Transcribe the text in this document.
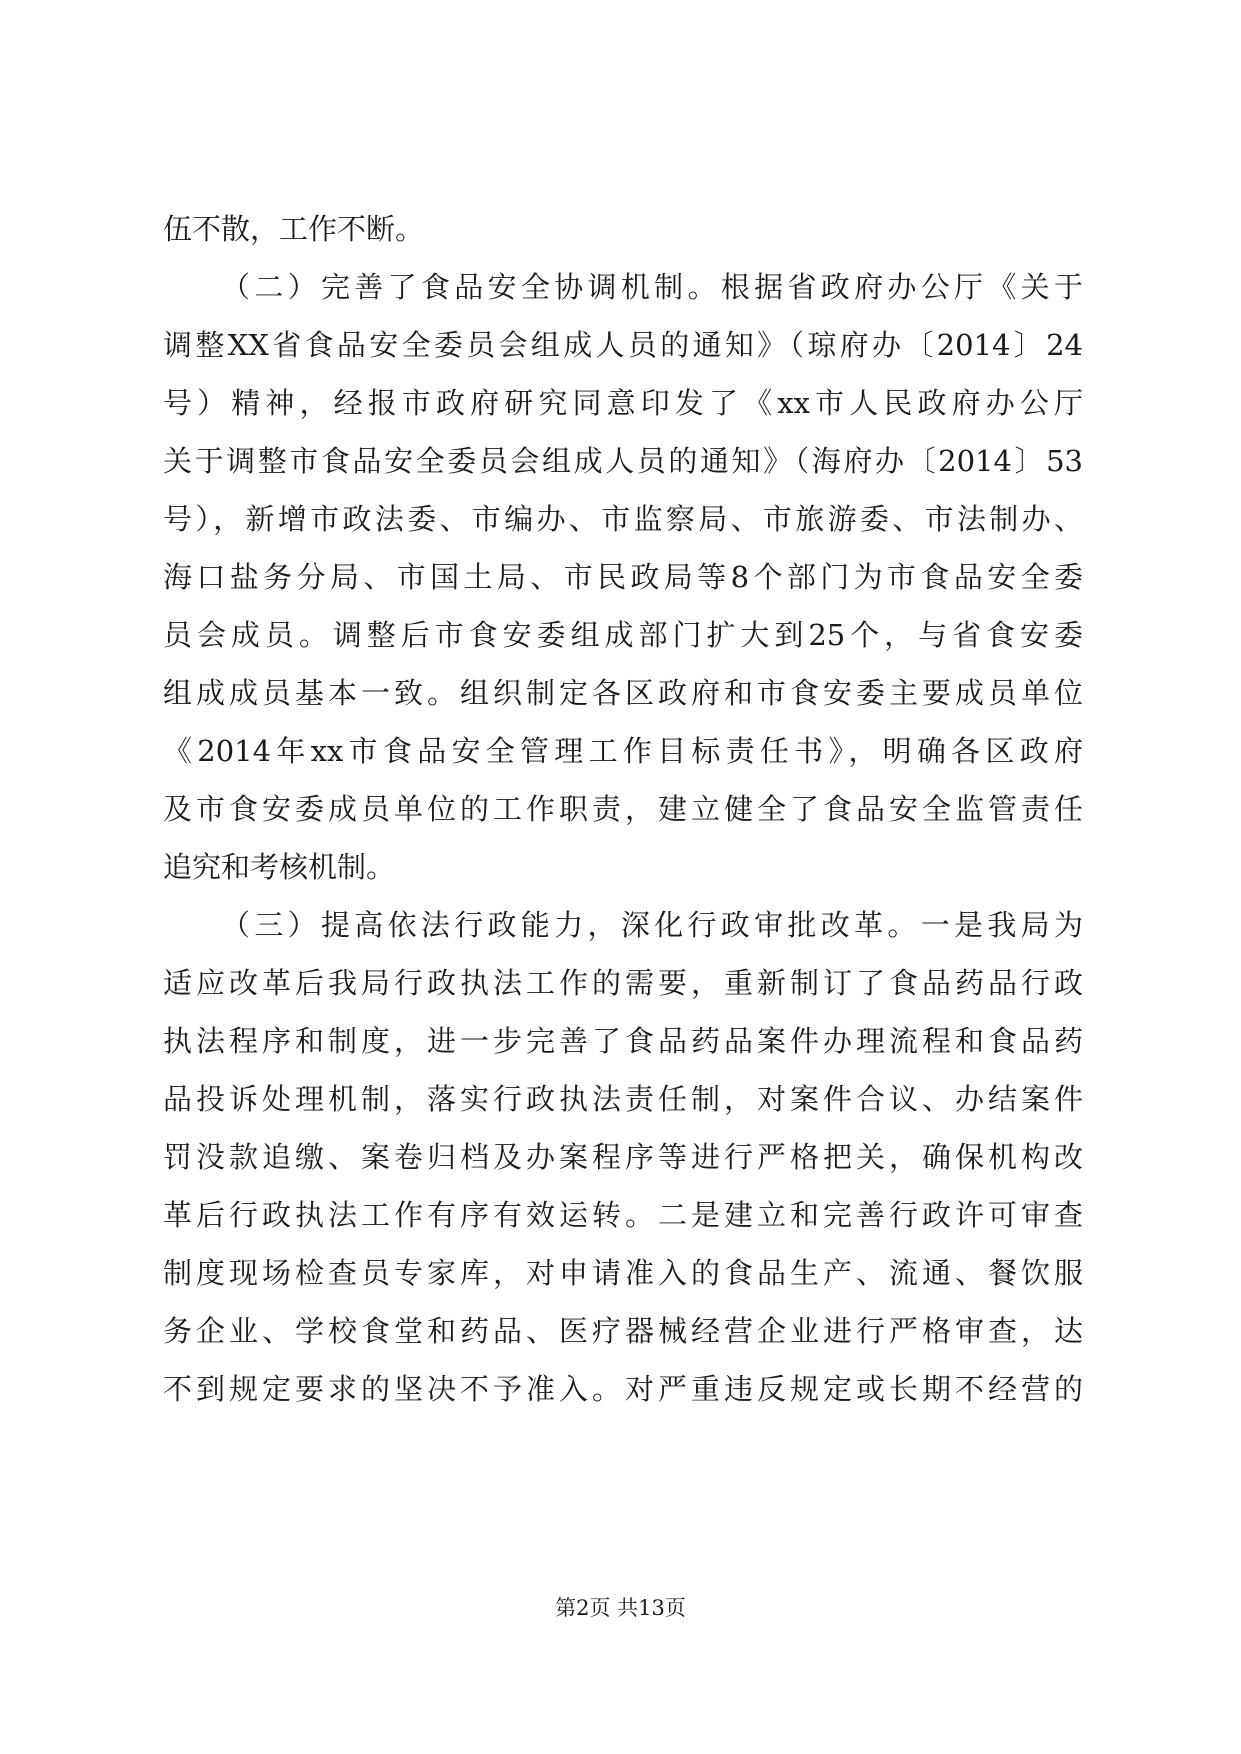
伍不散，工作不断。
（二）完善了食品安全协调机制。根据省政府办公厅《关于
调整XX省食品安全委员会组成人员的通知》（琼府办〔2014〕24
号）精神，经报市政府研究同意印发了《xx市人民政府办公厅
关于调整市食品安全委员会组成人员的通知》（海府办〔2014〕53
号），新增市政法委、市编办、市监察局、市旅游委、市法制办、
海口盐务分局、市国土局、市民政局等8个部门为市食品安全委
员会成员。调整后市食安委组成部门扩大到25个，与省食安委
组成成员基本一致。组织制定各区政府和市食安委主要成员单位
《2014年xx市食品安全管理工作目标责任书》，明确各区政府
及市食安委成员单位的工作职责，建立健全了食品安全监管责任
追究和考核机制。
（三）提高依法行政能力，深化行政审批改革。一是我局为
适应改革后我局行政执法工作的需要，重新制订了食品药品行政
执法程序和制度，进一步完善了食品药品案件办理流程和食品药
品投诉处理机制，落实行政执法责任制，对案件合议、办结案件
罚没款追缴、案卷归档及办案程序等进行严格把关，确保机构改
革后行政执法工作有序有效运转。二是建立和完善行政许可审查
制度现场检查员专家库，对申请准入的食品生产、流通、餐饮服
务企业、学校食堂和药品、医疗器械经营企业进行严格审查，达
不到规定要求的坚决不予准入。对严重违反规定或长期不经营的
第2页 共13页
